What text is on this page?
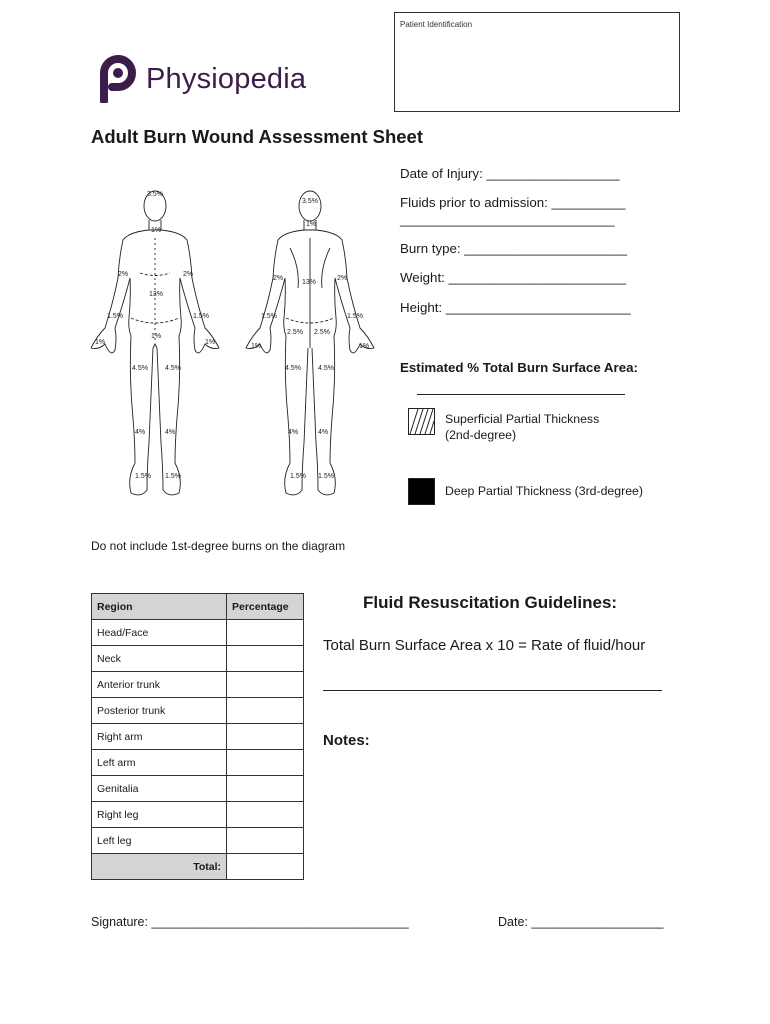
Patient Identification
Physiopedia
Adult Burn Wound Assessment Sheet
3.5%
1%
2%	2%
13%
1.5%	1.5%
1%	1%
1%
4.5% 4.5%
4%	4%
1.5% 1.5%
3.5%
1%
2%	2%
13%
1.5%	1.5%
1%	1%
2.5% 2.5%
4.5% 4.5%
4%	4%
1.5% 1.5%
Date of Injury: __________________
Fluids prior to admission: __________
_____________________________
Burn type: ______________________
Weight: ________________________
Height: _________________________
Estimated % Total Burn Surface Area:
Superficial Partial Thickness
(2nd-degree)
Deep Partial Thickness (3rd-degree)
Do not include 1st-degree burns on the diagram
Region	Percentage
Head/Face	
Neck	
Anterior trunk	
Posterior trunk	
Right arm	
Left arm	
Genitalia	
Right leg	
Left leg	
Total:	
Fluid Resuscitation Guidelines:
Total Burn Surface Area x 10 = Rate of fluid/hour
Notes:
Signature: _____________________________________	Date: ___________________
